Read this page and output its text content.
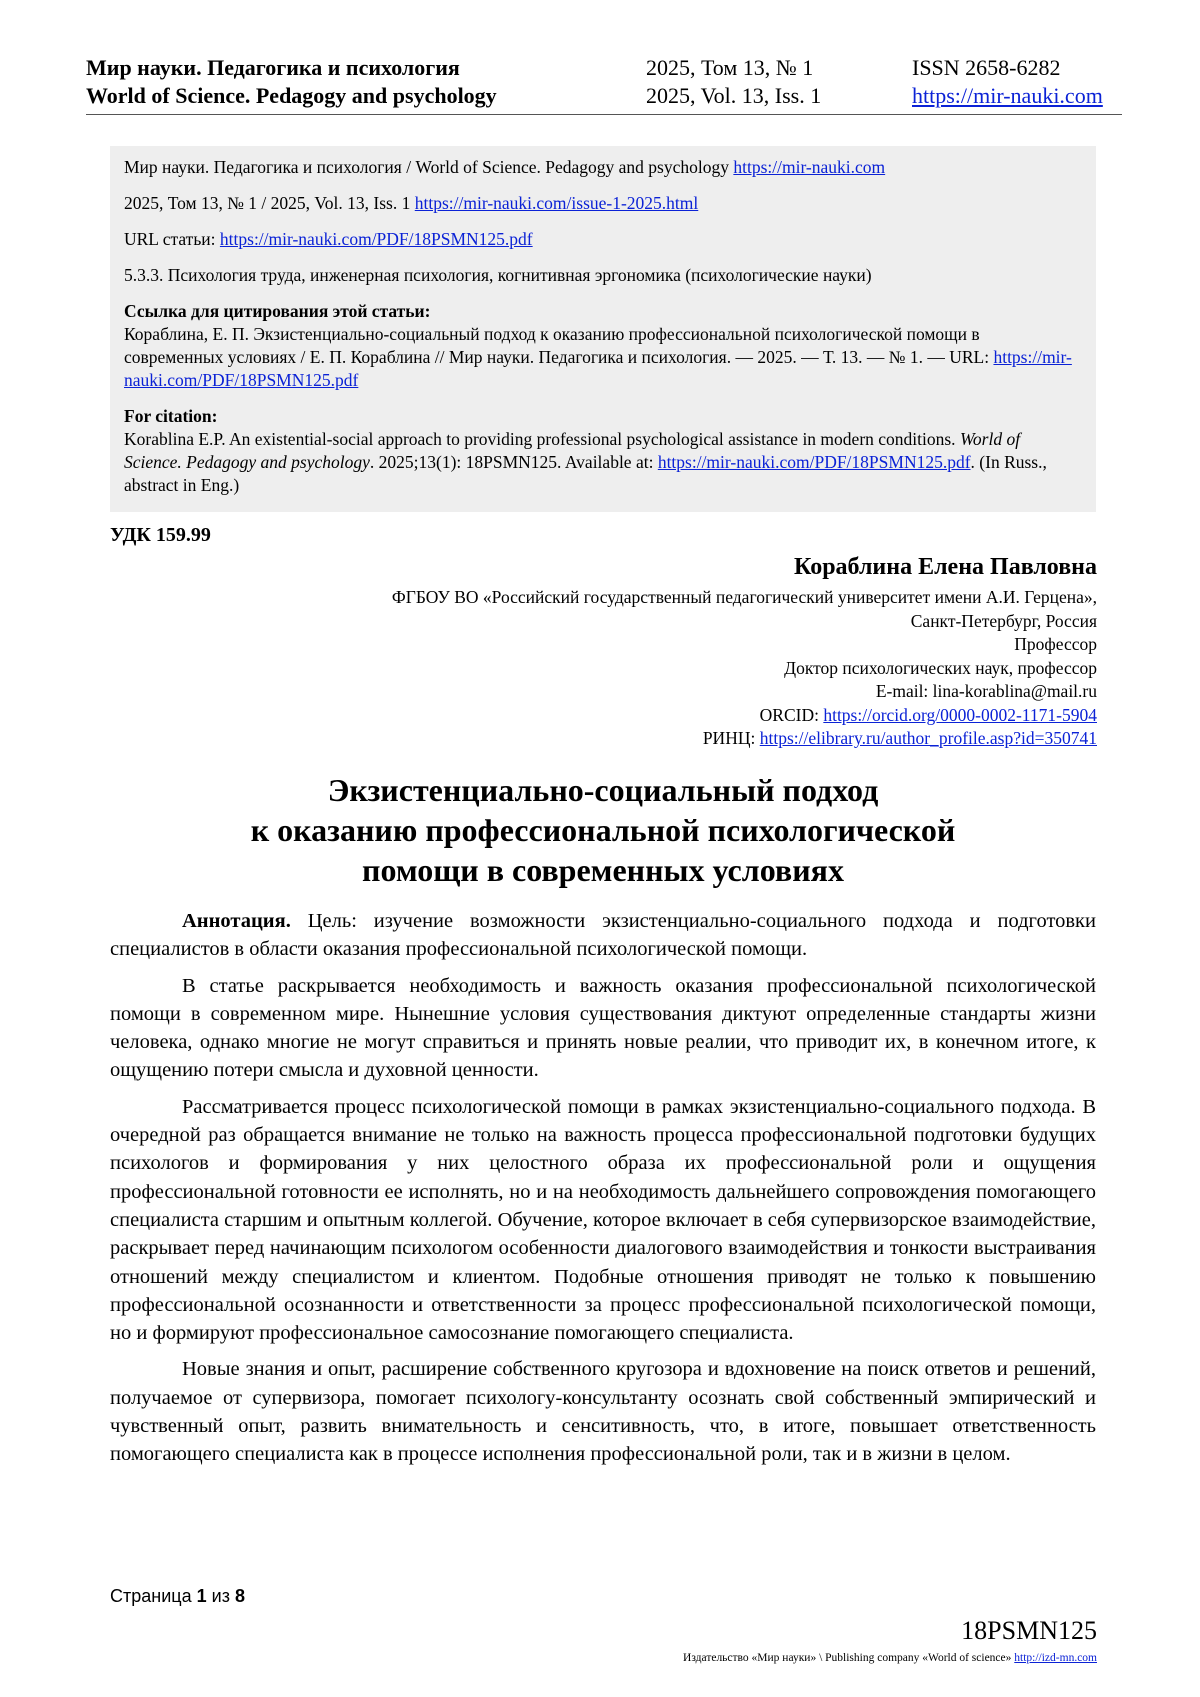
Мир науки. Педагогика и психология	2025, Том 13, № 1	ISSN 2658-6282
World of Science. Pedagogy and psychology	2025, Vol. 13, Iss. 1	https://mir-nauki.com

Мир науки. Педагогика и психология / World of Science. Pedagogy and psychology https://mir-nauki.com

2025, Том 13, № 1 / 2025, Vol. 13, Iss. 1 https://mir-nauki.com/issue-1-2025.html

URL статьи: https://mir-nauki.com/PDF/18PSMN125.pdf

5.3.3. Психология труда, инженерная психология, когнитивная эргономика (психологические науки)

Ссылка для цитирования этой статьи:
Кораблина, Е. П. Экзистенциально-социальный подход к оказанию профессиональной психологической помощи в современных условиях / Е. П. Кораблина // Мир науки. Педагогика и психология. — 2025. — Т. 13. — № 1. — URL: https://mir-nauki.com/PDF/18PSMN125.pdf
For citation:
Korablina E.P. An existential-social approach to providing professional psychological assistance in modern conditions. World of Science. Pedagogy and psychology. 2025;13(1): 18PSMN125. Available at: https://mir-nauki.com/PDF/18PSMN125.pdf. (In Russ., abstract in Eng.)
УДК 159.99
Кораблина Елена Павловна
ФГБОУ ВО «Российский государственный педагогический университет имени А.И. Герцена»,
Санкт-Петербург, Россия
Профессор
Доктор психологических наук, профессор
E-mail: lina-korablina@mail.ru
ORCID: https://orcid.org/0000-0002-1171-5904
РИНЦ: https://elibrary.ru/author_profile.asp?id=350741
Экзистенциально-социальный подход
к оказанию профессиональной психологической
помощи в современных условиях

Аннотация. Цель: изучение возможности экзистенциально-социального подхода и подготовки специалистов в области оказания профессиональной психологической помощи.

В статье раскрывается необходимость и важность оказания профессиональной психологической помощи в современном мире. Нынешние условия существования диктуют определенные стандарты жизни человека, однако многие не могут справиться и принять новые реалии, что приводит их, в конечном итоге, к ощущению потери смысла и духовной ценности.

Рассматривается процесс психологической помощи в рамках экзистенциально-социального подхода. В очередной раз обращается внимание не только на важность процесса профессиональной подготовки будущих психологов и формирования у них целостного образа их профессиональной роли и ощущения профессиональной готовности ее исполнять, но и на необходимость дальнейшего сопровождения помогающего специалиста старшим и опытным коллегой. Обучение, которое включает в себя супервизорское взаимодействие, раскрывает перед начинающим психологом особенности диалогового взаимодействия и тонкости выстраивания отношений между специалистом и клиентом. Подобные отношения приводят не только к повышению профессиональной осознанности и ответственности за процесс профессиональной психологической помощи, но и формируют профессиональное самосознание помогающего специалиста.

Новые знания и опыт, расширение собственного кругозора и вдохновение на поиск ответов и решений, получаемое от супервизора, помогает психологу-консультанту осознать свой собственный эмпирический и чувственный опыт, развить внимательность и сенситивность, что, в итоге, повышает ответственность помогающего специалиста как в процессе исполнения профессиональной роли, так и в жизни в целом.

Страница 1 из 8
18PSMN125
Издательство «Мир науки» \ Publishing company «World of science» http://izd-mn.com
